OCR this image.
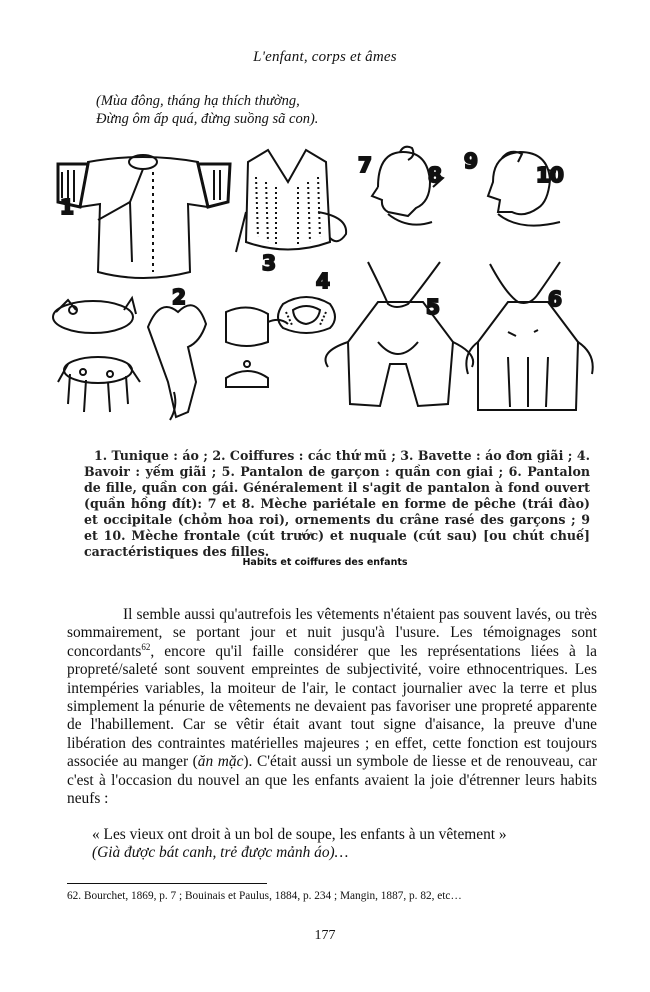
L'enfant, corps et âmes
(Mùa đông, tháng hạ thích thường,
Đừng ôm ấp quá, đừng suồng sã con).
1
2
3
4
5	6
7	8
9
10

1. Tunique : áo ; 2. Coiffures : các thứ mũ ; 3. Bavette : áo đơn giãi ; 4. Bavoir : yếm giãi ; 5. Pantalon de garçon : quần con giai ; 6. Pantalon de fille, quần con gái. Généralement il s'agit de pantalon à fond ouvert (quần hồng đít): 7 et 8. Mèche pariétale en forme de pêche (trái đào) et occipitale (chỏm hoa roi), ornements du crâne rasé des garçons ; 9 et 10. Mèche frontale (cút trước) et nuquale (cút sau) [ou chút chuế] caractéristiques des filles.

Habits et coiffures des enfants

Il semble aussi qu'autrefois les vêtements n'étaient pas souvent lavés, ou très sommairement, se portant jour et nuit jusqu'à l'usure. Les témoignages sont concordants$^{62}$, encore qu'il faille considérer que les représentations liées à la propreté/saleté sont souvent empreintes de subjectivité, voire ethnocentriques. Les intempéries variables, la moiteur de l'air, le contact journalier avec la terre et plus simplement la pénurie de vêtements ne devaient pas favoriser une propreté apparente de l'habillement. Car se vêtir était avant tout signe d'aisance, la preuve d'une libération des contraintes matérielles majeures ; en effet, cette fonction est toujours associée au manger (ăn mặc). C'était aussi un symbole de liesse et de renouveau, car c'est à l'occasion du nouvel an que les enfants avaient la joie d'étrenner leurs habits neufs :

« Les vieux ont droit à un bol de soupe, les enfants à un vêtement »
(Già được bát canh, trẻ được mảnh áo)…
62. Bourchet, 1869, p. 7 ; Bouinais et Paulus, 1884, p. 234 ; Mangin, 1887, p. 82, etc…
177
